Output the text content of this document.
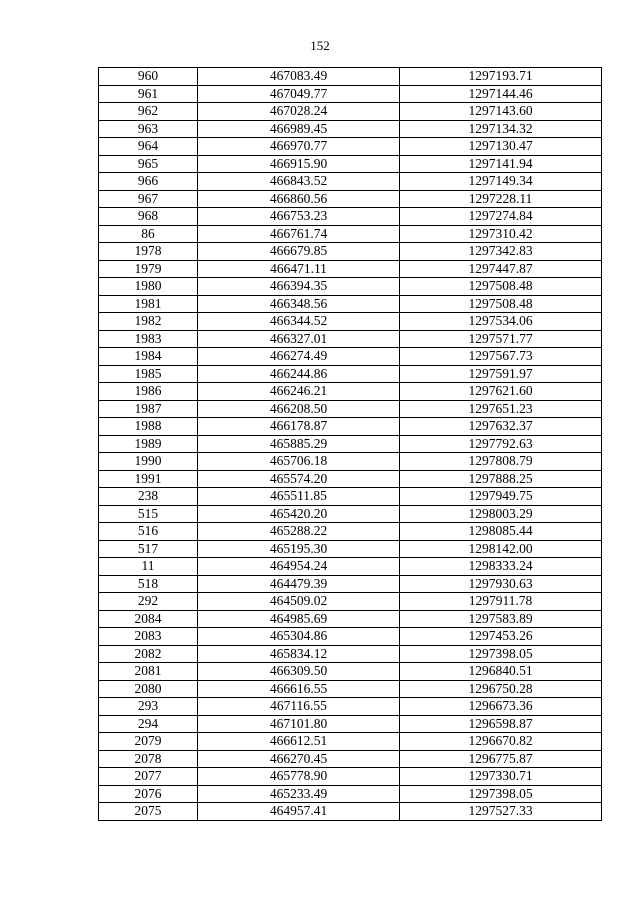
152
960	467083.49	1297193.71
961	467049.77	1297144.46
962	467028.24	1297143.60
963	466989.45	1297134.32
964	466970.77	1297130.47
965	466915.90	1297141.94
966	466843.52	1297149.34
967	466860.56	1297228.11
968	466753.23	1297274.84
86	466761.74	1297310.42
1978	466679.85	1297342.83
1979	466471.11	1297447.87
1980	466394.35	1297508.48
1981	466348.56	1297508.48
1982	466344.52	1297534.06
1983	466327.01	1297571.77
1984	466274.49	1297567.73
1985	466244.86	1297591.97
1986	466246.21	1297621.60
1987	466208.50	1297651.23
1988	466178.87	1297632.37
1989	465885.29	1297792.63
1990	465706.18	1297808.79
1991	465574.20	1297888.25
238	465511.85	1297949.75
515	465420.20	1298003.29
516	465288.22	1298085.44
517	465195.30	1298142.00
11	464954.24	1298333.24
518	464479.39	1297930.63
292	464509.02	1297911.78
2084	464985.69	1297583.89
2083	465304.86	1297453.26
2082	465834.12	1297398.05
2081	466309.50	1296840.51
2080	466616.55	1296750.28
293	467116.55	1296673.36
294	467101.80	1296598.87
2079	466612.51	1296670.82
2078	466270.45	1296775.87
2077	465778.90	1297330.71
2076	465233.49	1297398.05
2075	464957.41	1297527.33
